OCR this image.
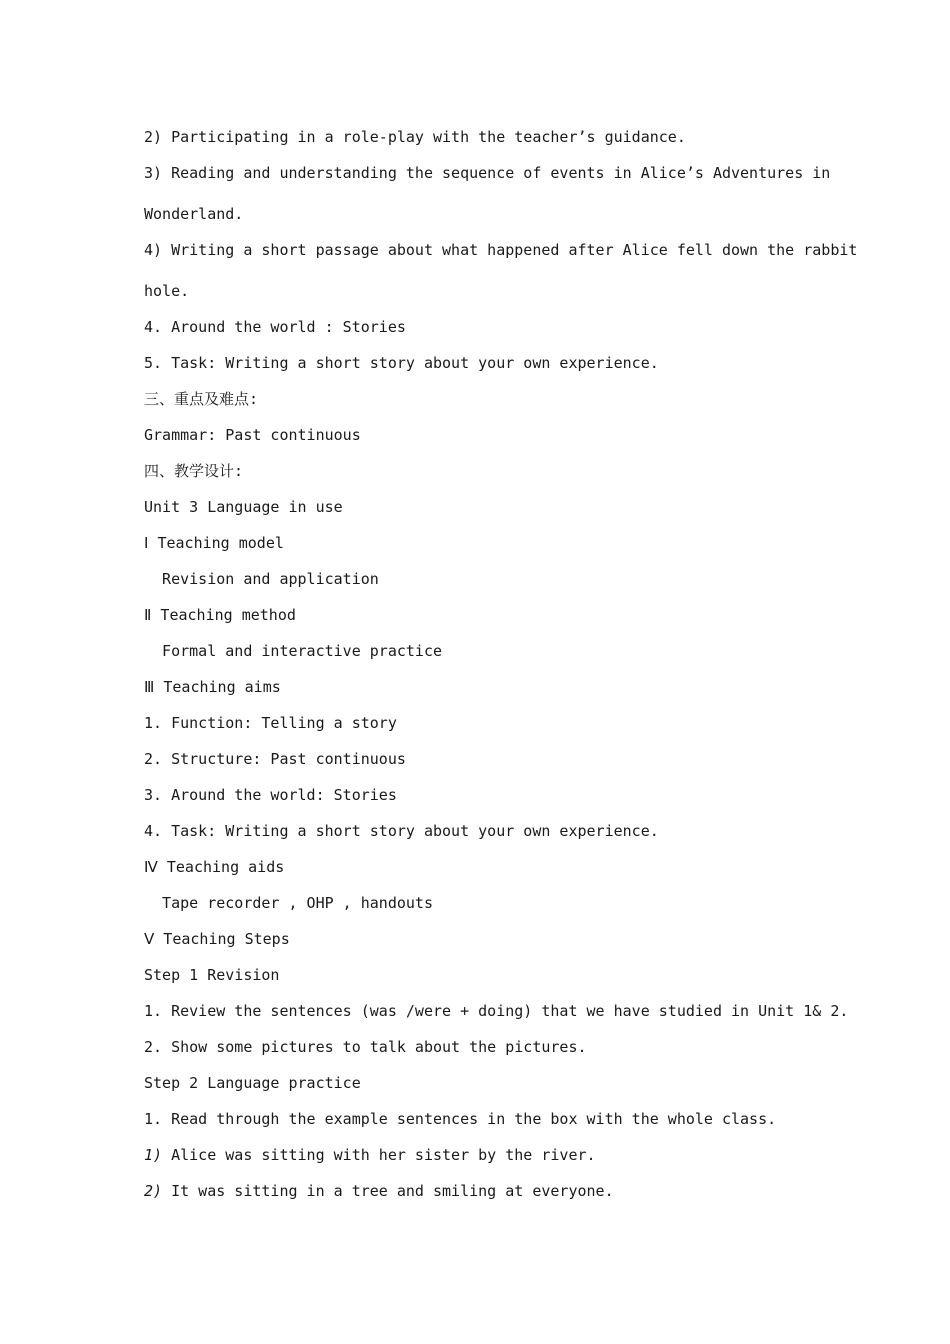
2) Participating in a role-play with the teacher’s guidance.
3) Reading and understanding the sequence of events in Alice’s Adventures in
Wonderland.
4) Writing a short passage about what happened after Alice fell down the rabbit
hole.
4. Around the world : Stories
5. Task: Writing a short story about your own experience.
三、重点及难点:
Grammar: Past continuous
四、教学设计:
Unit 3 Language in use
Ⅰ Teaching model
Revision and application
Ⅱ Teaching method
Formal and interactive practice
Ⅲ Teaching aims
1. Function: Telling a story
2. Structure: Past continuous
3. Around the world: Stories
4. Task: Writing a short story about your own experience.
Ⅳ Teaching aids
Tape recorder , OHP , handouts
Ⅴ Teaching Steps
Step 1 Revision
1. Review the sentences (was /were + doing) that we have studied in Unit 1& 2.
2. Show some pictures to talk about the pictures.
Step 2 Language practice
1. Read through the example sentences in the box with the whole class.
1) Alice was sitting with her sister by the river.
2) It was sitting in a tree and smiling at everyone.
